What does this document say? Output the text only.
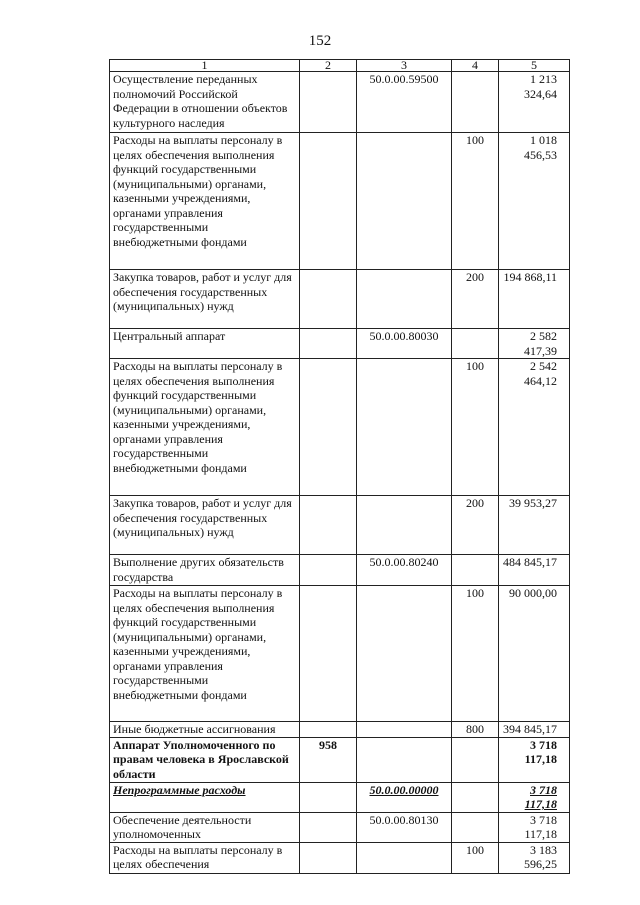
152
1	2	3	4	5
Осуществление переданных полномочий Российской Федерации в отношении объектов культурного наследия		50.0.00.59500		1 213 324,64
Расходы на выплаты персоналу в целях обеспечения выполнения функций государственными (муниципальными) органами, казенными учреждениями, органами управления государственными внебюджетными фондами			100	1 018 456,53
Закупка товаров, работ и услуг для обеспечения государственных (муниципальных) нужд			200	194 868,11
Центральный аппарат		50.0.00.80030		2 582 417,39
Расходы на выплаты персоналу в целях обеспечения выполнения функций государственными (муниципальными) органами, казенными учреждениями, органами управления государственными внебюджетными фондами			100	2 542 464,12
Закупка товаров, работ и услуг для обеспечения государственных (муниципальных) нужд			200	39 953,27
Выполнение других обязательств государства		50.0.00.80240		484 845,17
Расходы на выплаты персоналу в целях обеспечения выполнения функций государственными (муниципальными) органами, казенными учреждениями, органами управления государственными внебюджетными фондами			100	90 000,00
Иные бюджетные ассигнования			800	394 845,17
Аппарат Уполномоченного по правам человека в Ярославской области	958			3 718 117,18
Непрограммные расходы		50.0.00.00000		3 718 117,18
Обеспечение деятельности уполномоченных		50.0.00.80130		3 718 117,18
Расходы на выплаты персоналу в целях обеспечения			100	3 183 596,25
